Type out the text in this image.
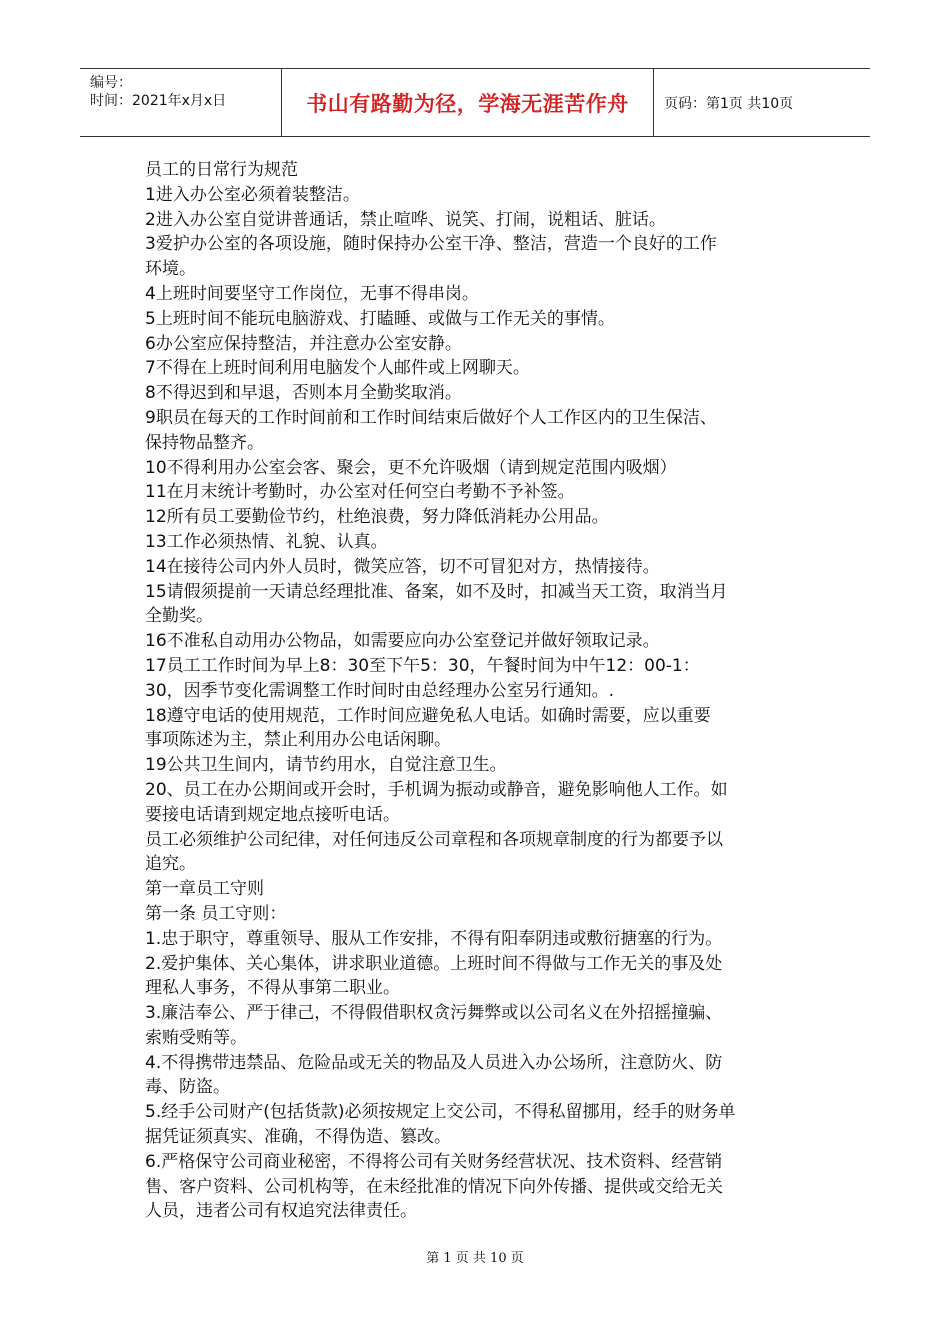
编号：
时间：2021年x月x日	书山有路勤为径，学海无涯苦作舟	页码：第1页 共10页
员工的日常行为规范
1进入办公室必须着装整洁。
2进入办公室自觉讲普通话，禁止喧哗、说笑、打闹，说粗话、脏话。
3爱护办公室的各项设施，随时保持办公室干净、整洁，营造一个良好的工作
环境。
4上班时间要坚守工作岗位，无事不得串岗。
5上班时间不能玩电脑游戏、打瞌睡、或做与工作无关的事情。
6办公室应保持整洁，并注意办公室安静。
7不得在上班时间利用电脑发个人邮件或上网聊天。
8不得迟到和早退，否则本月全勤奖取消。
9职员在每天的工作时间前和工作时间结束后做好个人工作区内的卫生保洁、
保持物品整齐。
10不得利用办公室会客、聚会，更不允许吸烟（请到规定范围内吸烟）
11在月末统计考勤时，办公室对任何空白考勤不予补签。
12所有员工要勤俭节约，杜绝浪费，努力降低消耗办公用品。
13工作必须热情、礼貌、认真。
14在接待公司内外人员时，微笑应答，切不可冒犯对方，热情接待。
15请假须提前一天请总经理批准、备案，如不及时，扣减当天工资，取消当月
全勤奖。
16不准私自动用办公物品，如需要应向办公室登记并做好领取记录。
17员工工作时间为早上8：30至下午5：30，午餐时间为中午12：00-1：
30，因季节变化需调整工作时间时由总经理办公室另行通知。.
18遵守电话的使用规范，工作时间应避免私人电话。如确时需要，应以重要
事项陈述为主，禁止利用办公电话闲聊。
19公共卫生间内，请节约用水，自觉注意卫生。
20、员工在办公期间或开会时，手机调为振动或静音，避免影响他人工作。如
要接电话请到规定地点接听电话。
员工必须维护公司纪律，对任何违反公司章程和各项规章制度的行为都要予以
追究。
第一章员工守则
第一条 员工守则：
1.忠于职守，尊重领导、服从工作安排，不得有阳奉阴违或敷衍搪塞的行为。
2.爱护集体、关心集体，讲求职业道德。上班时间不得做与工作无关的事及处
理私人事务，不得从事第二职业。
3.廉洁奉公、严于律己，不得假借职权贪污舞弊或以公司名义在外招摇撞骗、
索贿受贿等。
4.不得携带违禁品、危险品或无关的物品及人员进入办公场所，注意防火、防
毒、防盗。
5.经手公司财产(包括货款)必须按规定上交公司，不得私留挪用，经手的财务单
据凭证须真实、准确，不得伪造、篡改。
6.严格保守公司商业秘密，不得将公司有关财务经营状况、技术资料、经营销
售、客户资料、公司机构等，在未经批准的情况下向外传播、提供或交给无关
人员，违者公司有权追究法律责任。
第 1 页 共 10 页
